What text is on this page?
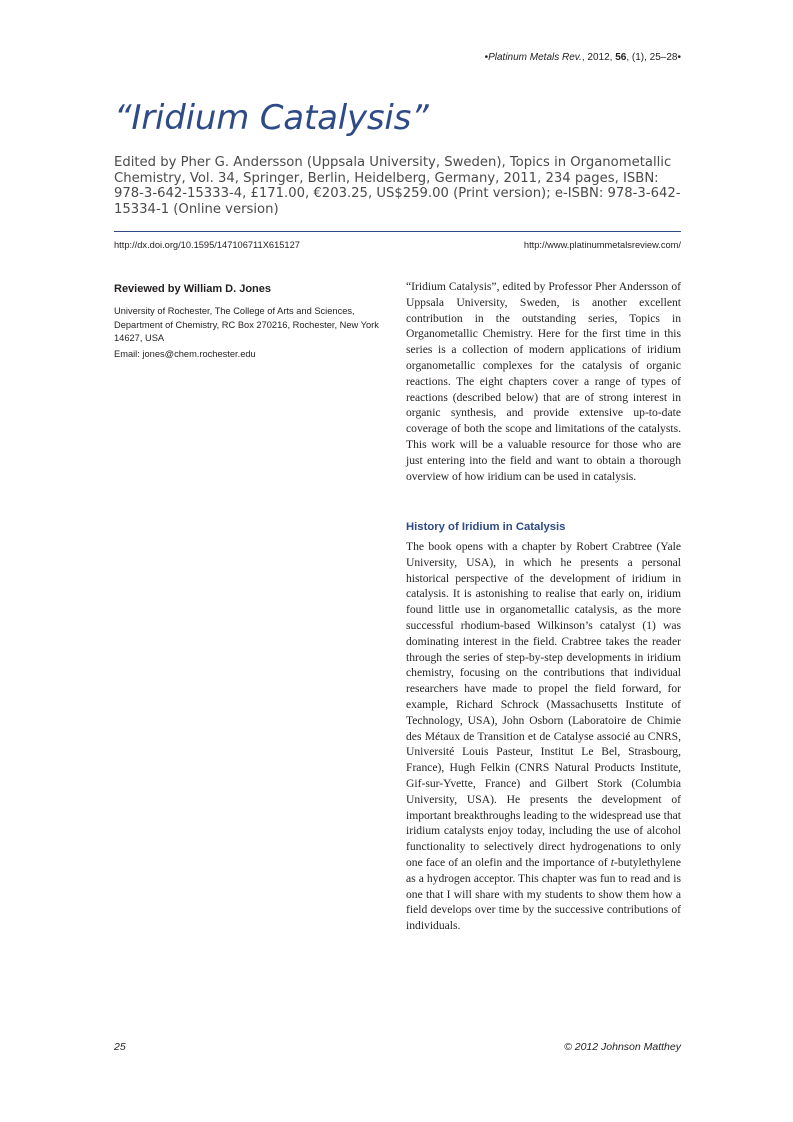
•Platinum Metals Rev., 2012, 56, (1), 25–28•
“Iridium Catalysis”

Edited by Pher G. Andersson (Uppsala University, Sweden), Topics in Organometallic Chemistry, Vol. 34, Springer, Berlin, Heidelberg, Germany, 2011, 234 pages, ISBN: 978-3-642-15333-4, £171.00, €203.25, US$259.00 (Print version); e-ISBN: 978-3-642-15334-1 (Online version)

http://dx.doi.org/10.1595/147106711X615127	http://www.platinummetalsreview.com/
Reviewed by William D. Jones
University of Rochester, The College of Arts and Sciences, Department of Chemistry, RC Box 270216, Rochester, New York 14627, USA
Email: jones@chem.rochester.edu

“Iridium Catalysis”, edited by Professor Pher Andersson of Uppsala University, Sweden, is another excellent contribution in the outstanding series, Topics in Organometallic Chemistry. Here for the first time in this series is a collection of modern applications of iridium organometallic complexes for the catalysis of organic reactions. The eight chapters cover a range of types of reactions (described below) that are of strong interest in organic synthesis, and provide extensive up-to-date coverage of both the scope and limitations of the catalysts. This work will be a valuable resource for those who are just entering into the field and want to obtain a thorough overview of how iridium can be used in catalysis.

History of Iridium in Catalysis

The book opens with a chapter by Robert Crabtree (Yale University, USA), in which he presents a personal historical perspective of the development of iridium in catalysis. It is astonishing to realise that early on, iridium found little use in organometallic catalysis, as the more successful rhodium-based Wilkinson’s catalyst (1) was dominating interest in the field. Crabtree takes the reader through the series of step-by-step developments in iridium chemistry, focusing on the contributions that individual researchers have made to propel the field forward, for example, Richard Schrock (Massachusetts Institute of Technology, USA), John Osborn (Laboratoire de Chimie des Métaux de Transition et de Catalyse associé au CNRS, Université Louis Pasteur, Institut Le Bel, Strasbourg, France), Hugh Felkin (CNRS Natural Products Institute, Gif-sur-Yvette, France) and Gilbert Stork (Columbia University, USA). He presents the development of important breakthroughs leading to the widespread use that iridium catalysts enjoy today, including the use of alcohol functionality to selectively direct hydrogenations to only one face of an olefin and the importance of t-butylethylene as a hydrogen acceptor. This chapter was fun to read and is one that I will share with my students to show them how a field develops over time by the successive contributions of individuals.

25	© 2012 Johnson Matthey
